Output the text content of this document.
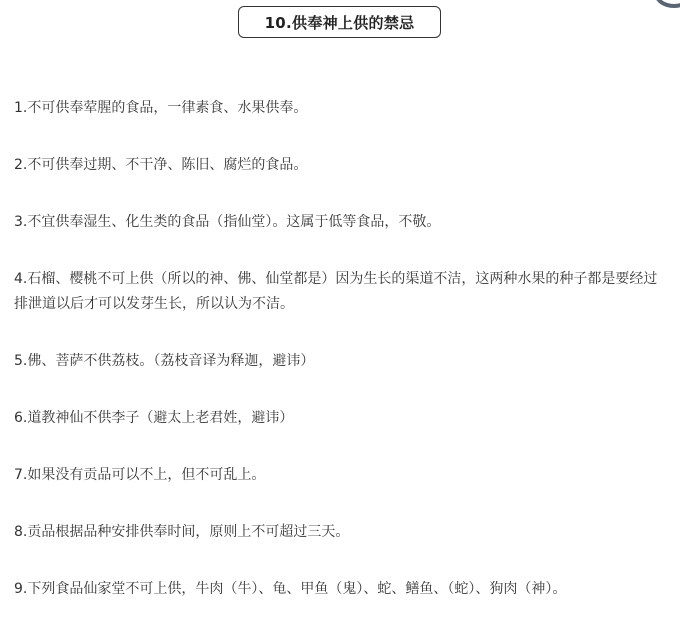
10.供奉神上供的禁忌

1.不可供奉荤腥的食品，一律素食、水果供奉。

2.不可供奉过期、不干净、陈旧、腐烂的食品。

3.不宜供奉湿生、化生类的食品（指仙堂）。这属于低等食品，不敬。

4.石榴、樱桃不可上供（所以的神、佛、仙堂都是）因为生长的渠道不洁，这两种水果的种子都是要经过排泄道以后才可以发芽生长，所以认为不洁。

5.佛、菩萨不供荔枝。（荔枝音译为释迦，避讳）

6.道教神仙不供李子（避太上老君姓，避讳）

7.如果没有贡品可以不上，但不可乱上。

8.贡品根据品种安排供奉时间，原则上不可超过三天。

9.下列食品仙家堂不可上供，牛肉（牛）、龟、甲鱼（鬼）、蛇、鳝鱼、（蛇）、狗肉（神）。
